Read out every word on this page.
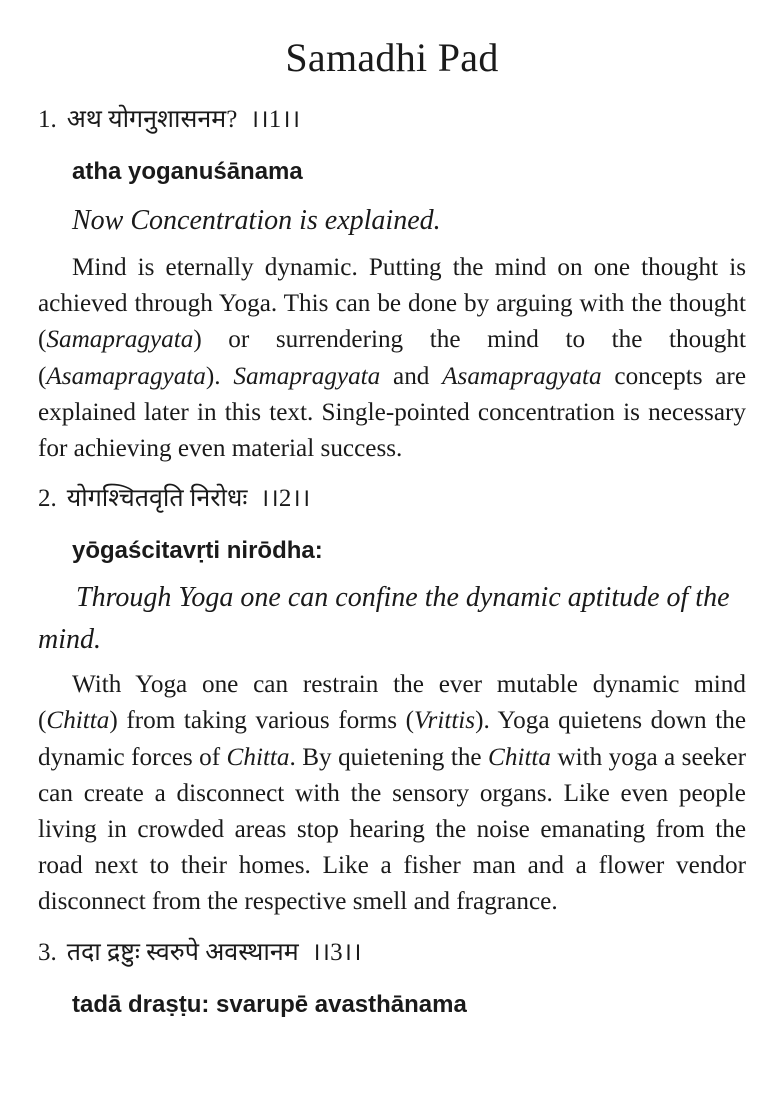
Samadhi Pad

1. अथ योगनुशासनम? ।।1।।

atha yoganuśānama

Now Concentration is explained.

Mind is eternally dynamic. Putting the mind on one thought is achieved through Yoga. This can be done by arguing with the thought (Samapragyata) or surrendering the mind to the thought (Asamapragyata). Samapragyata and Asamapragyata concepts are explained later in this text. Single-pointed concentration is necessary for achieving even material success.

2. योगश्चितवृति निरोधः ।।2।।

yōgaścitavṛti nirōdha:

Through Yoga one can confine the dynamic aptitude of the mind.

With Yoga one can restrain the ever mutable dynamic mind (Chitta) from taking various forms (Vrittis). Yoga quietens down the dynamic forces of Chitta. By quietening the Chitta with yoga a seeker can create a disconnect with the sensory organs. Like even people living in crowded areas stop hearing the noise emanating from the road next to their homes. Like a fisher man and a flower vendor disconnect from the respective smell and fragrance.

3. तदा द्रष्टुः स्वरुपे अवस्थानम ।।3।।

tadā draṣṭu: svarupē avasthānama
